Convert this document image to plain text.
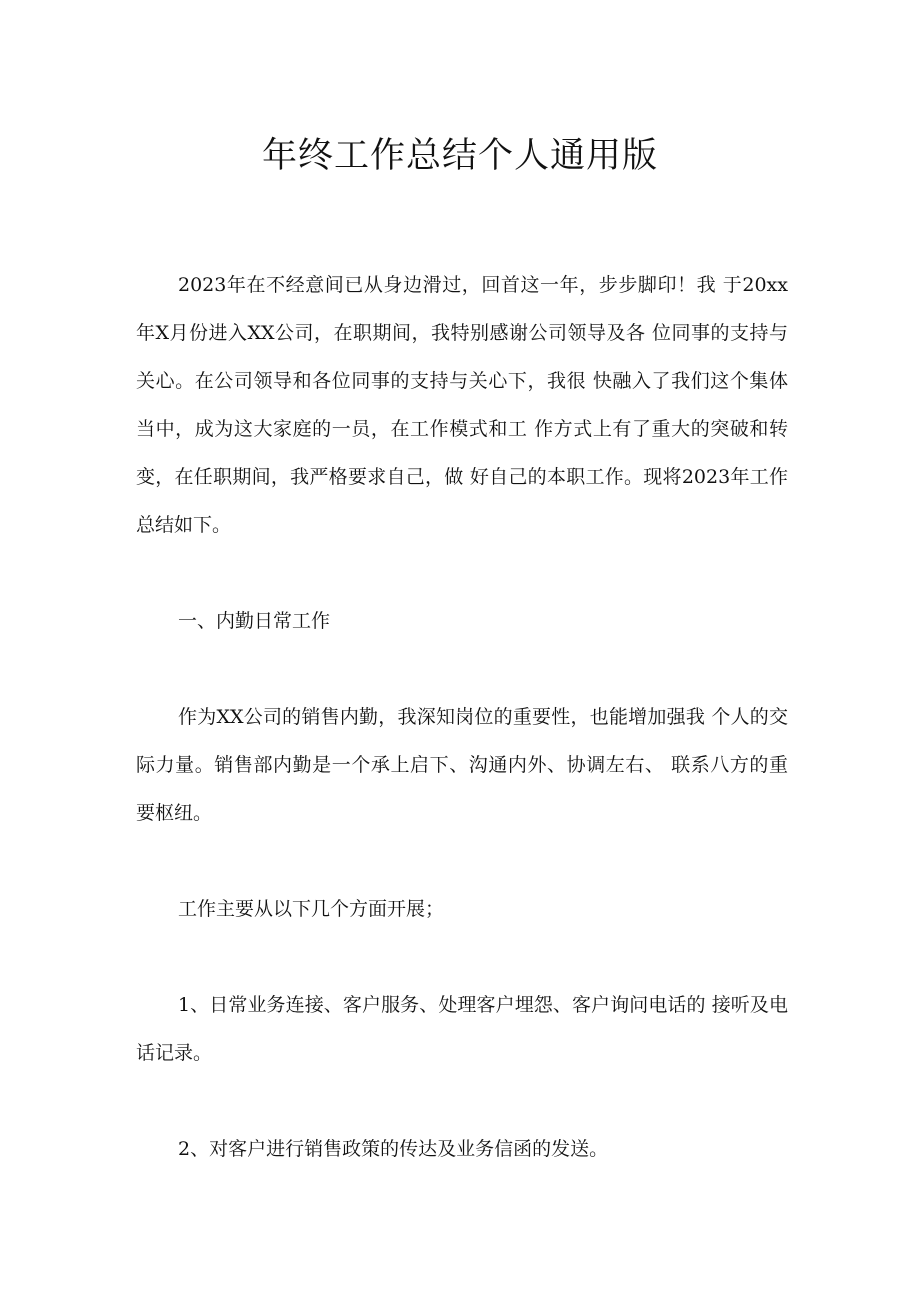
年终工作总结个人通用版

2023年在不经意间已从身边滑过，回首这一年，步步脚印！我 于20xx年X月份进入XX公司，在职期间，我特别感谢公司领导及各 位同事的支持与关心。在公司领导和各位同事的支持与关心下，我很 快融入了我们这个集体当中，成为这大家庭的一员，在工作模式和工 作方式上有了重大的突破和转变，在任职期间，我严格要求自己，做 好自己的本职工作。现将2023年工作总结如下。

一、内勤日常工作

作为XX公司的销售内勤，我深知岗位的重要性，也能增加强我 个人的交际力量。销售部内勤是一个承上启下、沟通内外、协调左右、 联系八方的重要枢纽。

工作主要从以下几个方面开展；

1、日常业务连接、客户服务、处理客户埋怨、客户询问电话的 接听及电话记录。

2、对客户进行销售政策的传达及业务信函的发送。
